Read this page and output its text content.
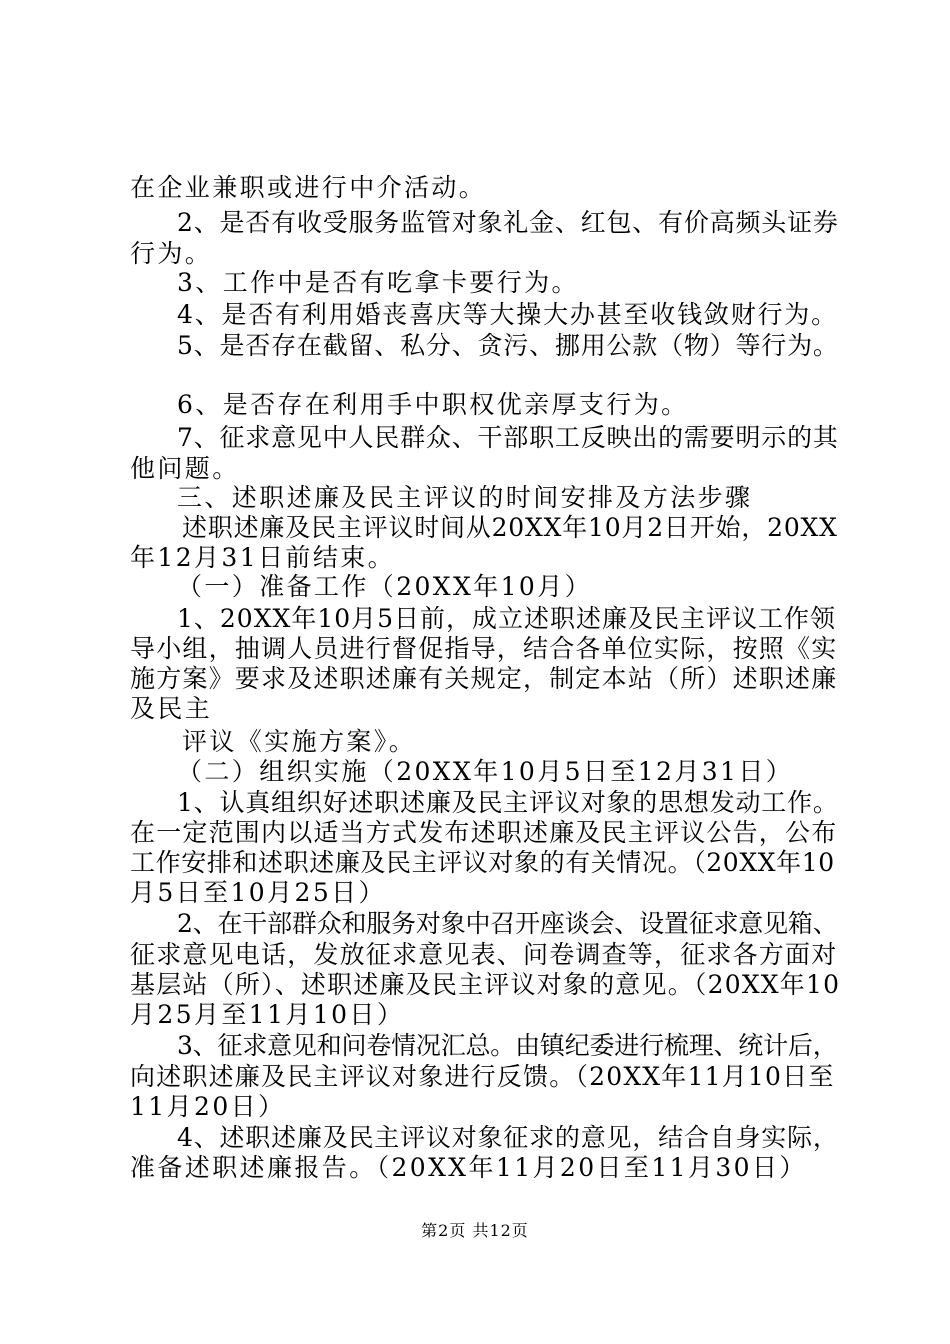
在企业兼职或进行中介活动。
2、是否有收受服务监管对象礼金、红包、有价高频头证券
行为。
3、工作中是否有吃拿卡要行为。
4、是否有利用婚丧喜庆等大操大办甚至收钱敛财行为。
5、是否存在截留、私分、贪污、挪用公款（物）等行为。
6、是否存在利用手中职权优亲厚支行为。
7、征求意见中人民群众、干部职工反映出的需要明示的其
他问题。
三、述职述廉及民主评议的时间安排及方法步骤
述职述廉及民主评议时间从20XX年10月2日开始，20XX
年12月31日前结束。
（一）准备工作（20XX年10月）
1、20XX年10月5日前，成立述职述廉及民主评议工作领
导小组，抽调人员进行督促指导，结合各单位实际，按照《实
施方案》要求及述职述廉有关规定，制定本站（所）述职述廉
及民主
评议《实施方案》。
（二）组织实施（20XX年10月5日至12月31日）
1、认真组织好述职述廉及民主评议对象的思想发动工作。
在一定范围内以适当方式发布述职述廉及民主评议公告，公布
工作安排和述职述廉及民主评议对象的有关情况。（20XX年10
月5日至10月25日）
2、在干部群众和服务对象中召开座谈会、设置征求意见箱、
征求意见电话，发放征求意见表、问卷调查等，征求各方面对
基层站（所）、述职述廉及民主评议对象的意见。（20XX年10
月25月至11月10日）
3、征求意见和问卷情况汇总。由镇纪委进行梳理、统计后，
向述职述廉及民主评议对象进行反馈。（20XX年11月10日至
11月20日）
4、述职述廉及民主评议对象征求的意见，结合自身实际，
准备述职述廉报告。（20XX年11月20日至11月30日）
第2页 共12页
